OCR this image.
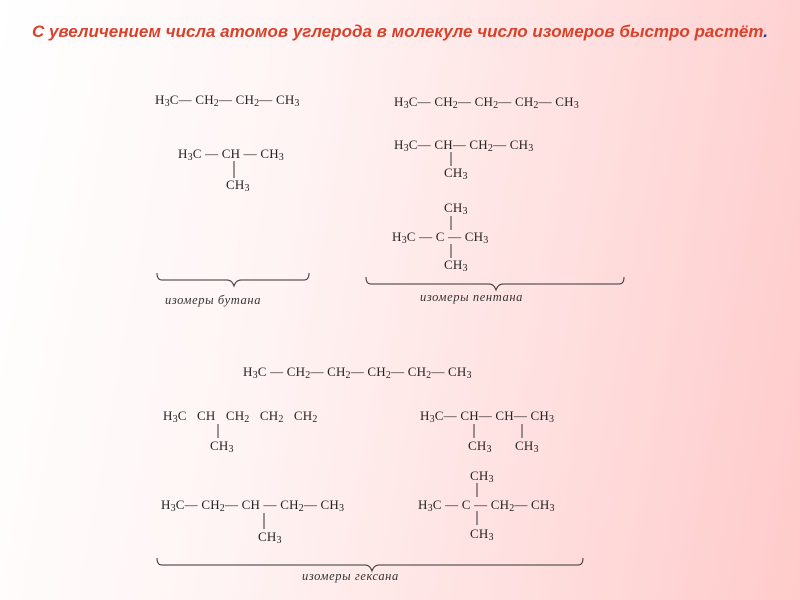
С увеличением числа атомов углерода в молекуле число изомеров быстро растёт.
$H_3C—$ $CH_2—$ $CH_2—$ $CH_3$
$H_3C$ — CH — $CH_3$
$CH_3$
изомеры бутана
$H_3C—$ $CH_2—$ $CH_2—$ $CH_2—$ $CH_3$
$H_3C—$ CH— $CH_2—$ $CH_3$
$CH_3$
$CH_3$
$H_3C$ — C — $CH_3$
$CH_3$
изомеры пентана
$H_3C$ — $CH_2—$ $CH_2—$ $CH_2—$ $CH_2—$ $CH_3$
$H_3C$   CH   $CH_2$   $CH_2$   $CH_2$
$CH_3$
$H_3C—$ CH— CH— $CH_3$
$CH_3$ $CH_3$
$H_3C—$ $CH_2—$ CH — $CH_2—$ $CH_3$
$CH_3$
$CH_3$
$H_3C$ — C — $CH_2—$ $CH_3$
$CH_3$
изомеры гексана
